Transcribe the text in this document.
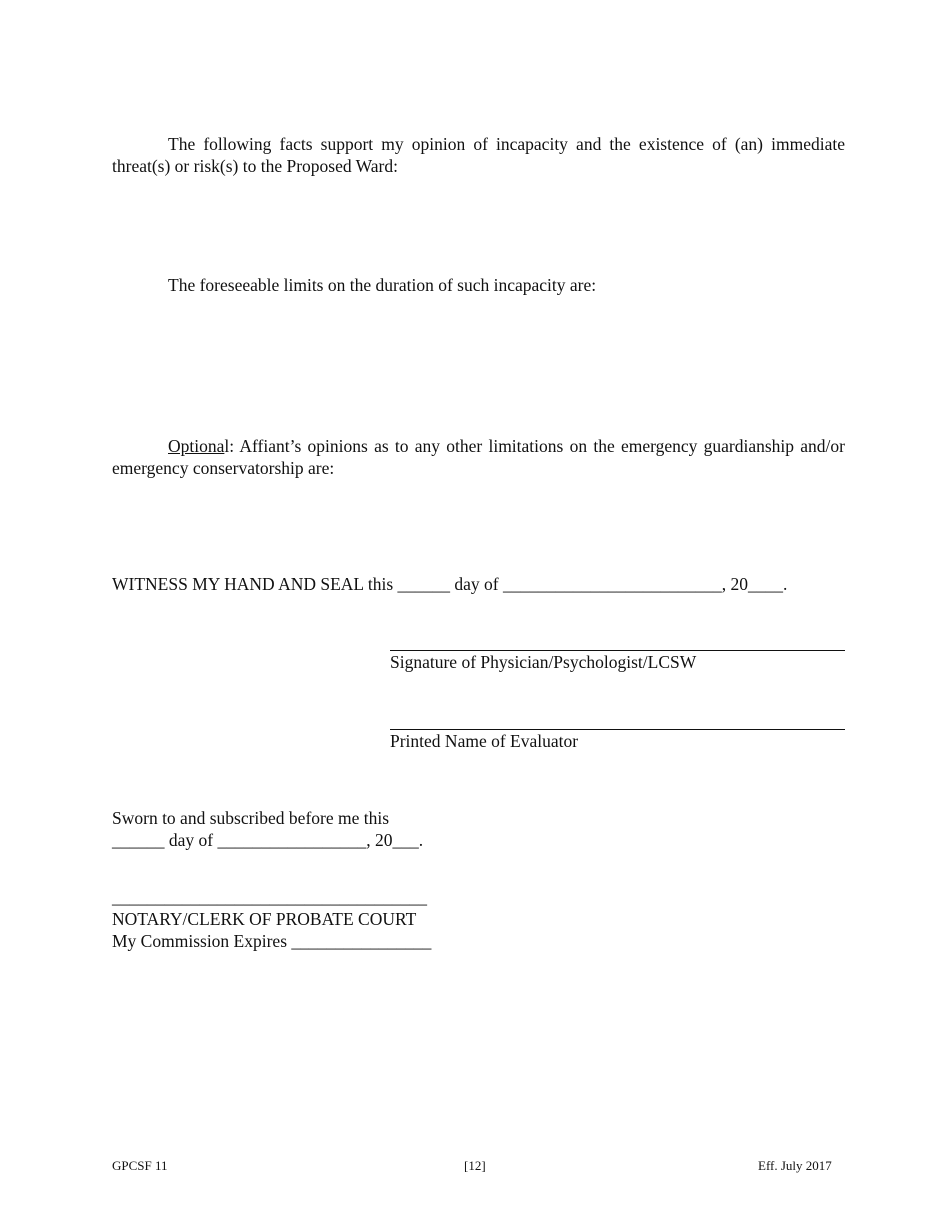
The following facts support my opinion of incapacity and the existence of (an) immediate threat(s) or risk(s) to the Proposed Ward:
The foreseeable limits on the duration of such incapacity are:
Optional: Affiant’s opinions as to any other limitations on the emergency guardianship and/or emergency conservatorship are:
WITNESS MY HAND AND SEAL this ______ day of _________________________, 20____.
Signature of Physician/Psychologist/LCSW
Printed Name of Evaluator
Sworn to and subscribed before me this
______ day of _________________, 20___.
____________________________________
NOTARY/CLERK OF PROBATE COURT
My Commission Expires ________________
GPCSF 11	[12]	Eff. July 2017
